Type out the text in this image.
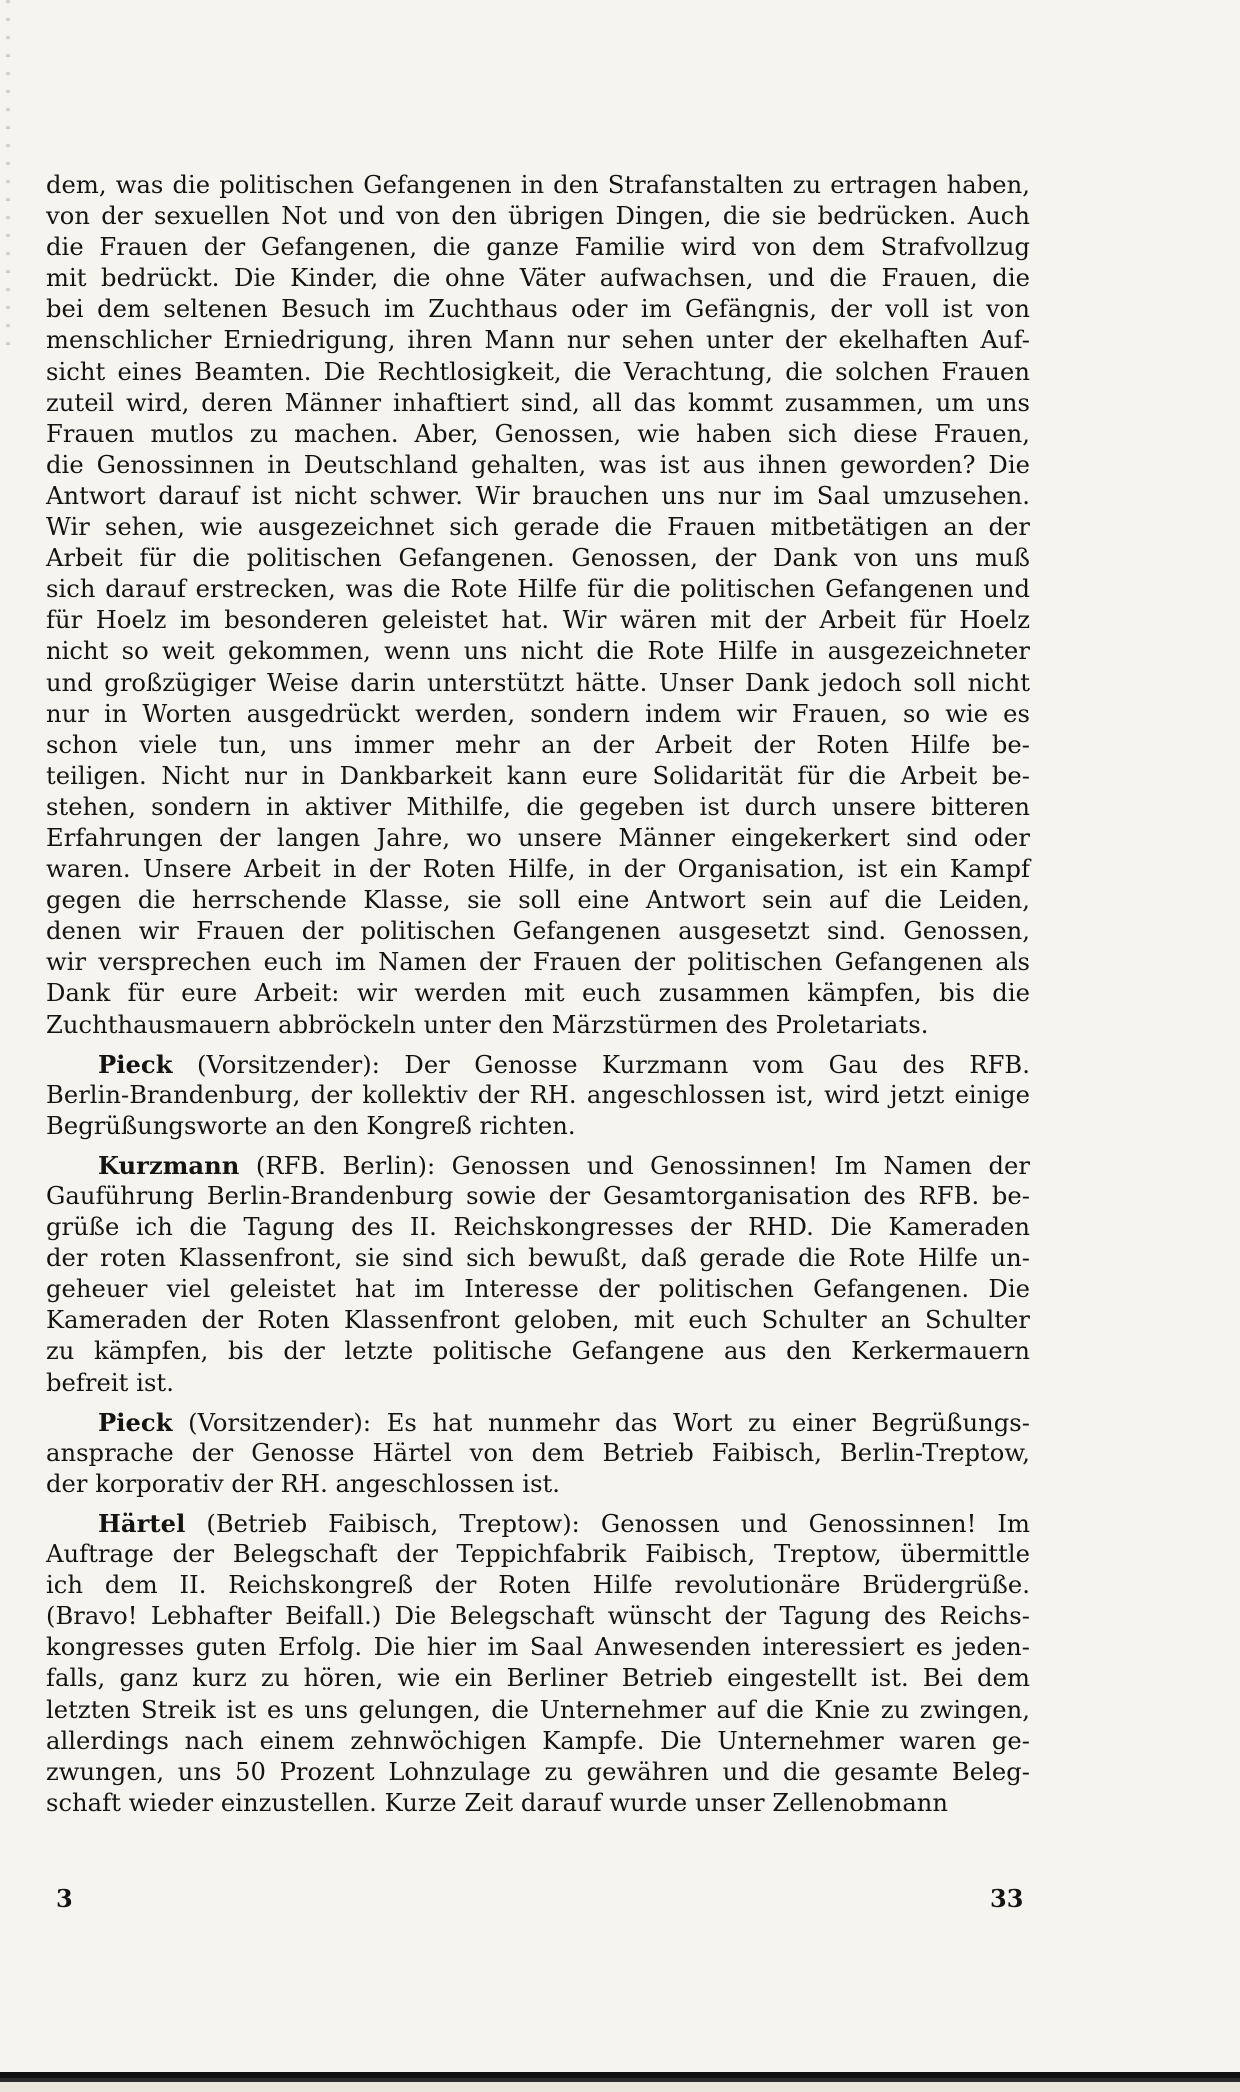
dem, was die politischen Gefangenen in den Strafanstalten zu ertragen haben,
von der sexuellen Not und von den übrigen Dingen, die sie bedrücken. Auch
die Frauen der Gefangenen, die ganze Familie wird von dem Strafvollzug
mit bedrückt. Die Kinder, die ohne Väter aufwachsen, und die Frauen, die
bei dem seltenen Besuch im Zuchthaus oder im Gefängnis, der voll ist von
menschlicher Erniedrigung, ihren Mann nur sehen unter der ekelhaften Auf-
sicht eines Beamten. Die Rechtlosigkeit, die Verachtung, die solchen Frauen
zuteil wird, deren Männer inhaftiert sind, all das kommt zusammen, um uns
Frauen mutlos zu machen. Aber, Genossen, wie haben sich diese Frauen,
die Genossinnen in Deutschland gehalten, was ist aus ihnen geworden? Die
Antwort darauf ist nicht schwer. Wir brauchen uns nur im Saal umzusehen.
Wir sehen, wie ausgezeichnet sich gerade die Frauen mitbetätigen an der
Arbeit für die politischen Gefangenen. Genossen, der Dank von uns muß
sich darauf erstrecken, was die Rote Hilfe für die politischen Gefangenen und
für Hoelz im besonderen geleistet hat. Wir wären mit der Arbeit für Hoelz
nicht so weit gekommen, wenn uns nicht die Rote Hilfe in ausgezeichneter
und großzügiger Weise darin unterstützt hätte. Unser Dank jedoch soll nicht
nur in Worten ausgedrückt werden, sondern indem wir Frauen, so wie es
schon viele tun, uns immer mehr an der Arbeit der Roten Hilfe be-
teiligen. Nicht nur in Dankbarkeit kann eure Solidarität für die Arbeit be-
stehen, sondern in aktiver Mithilfe, die gegeben ist durch unsere bitteren
Erfahrungen der langen Jahre, wo unsere Männer eingekerkert sind oder
waren. Unsere Arbeit in der Roten Hilfe, in der Organisation, ist ein Kampf
gegen die herrschende Klasse, sie soll eine Antwort sein auf die Leiden,
denen wir Frauen der politischen Gefangenen ausgesetzt sind. Genossen,
wir versprechen euch im Namen der Frauen der politischen Gefangenen als
Dank für eure Arbeit: wir werden mit euch zusammen kämpfen, bis die
Zuchthausmauern abbröckeln unter den Märzstürmen des Proletariats.
Pieck (Vorsitzender): Der Genosse Kurzmann vom Gau des RFB.
Berlin-Brandenburg, der kollektiv der RH. angeschlossen ist, wird jetzt einige
Begrüßungsworte an den Kongreß richten.
Kurzmann (RFB. Berlin): Genossen und Genossinnen! Im Namen der
Gauführung Berlin-Brandenburg sowie der Gesamtorganisation des RFB. be-
grüße ich die Tagung des II. Reichskongresses der RHD. Die Kameraden
der roten Klassenfront, sie sind sich bewußt, daß gerade die Rote Hilfe un-
geheuer viel geleistet hat im Interesse der politischen Gefangenen. Die
Kameraden der Roten Klassenfront geloben, mit euch Schulter an Schulter
zu kämpfen, bis der letzte politische Gefangene aus den Kerkermauern
befreit ist.
Pieck (Vorsitzender): Es hat nunmehr das Wort zu einer Begrüßungs-
ansprache der Genosse Härtel von dem Betrieb Faibisch, Berlin-Treptow,
der korporativ der RH. angeschlossen ist.
Härtel (Betrieb Faibisch, Treptow): Genossen und Genossinnen! Im
Auftrage der Belegschaft der Teppichfabrik Faibisch, Treptow, übermittle
ich dem II. Reichskongreß der Roten Hilfe revolutionäre Brüdergrüße.
(Bravo! Lebhafter Beifall.) Die Belegschaft wünscht der Tagung des Reichs-
kongresses guten Erfolg. Die hier im Saal Anwesenden interessiert es jeden-
falls, ganz kurz zu hören, wie ein Berliner Betrieb eingestellt ist. Bei dem
letzten Streik ist es uns gelungen, die Unternehmer auf die Knie zu zwingen,
allerdings nach einem zehnwöchigen Kampfe. Die Unternehmer waren ge-
zwungen, uns 50 Prozent Lohnzulage zu gewähren und die gesamte Beleg-
schaft wieder einzustellen. Kurze Zeit darauf wurde unser Zellenobmann
3	33
